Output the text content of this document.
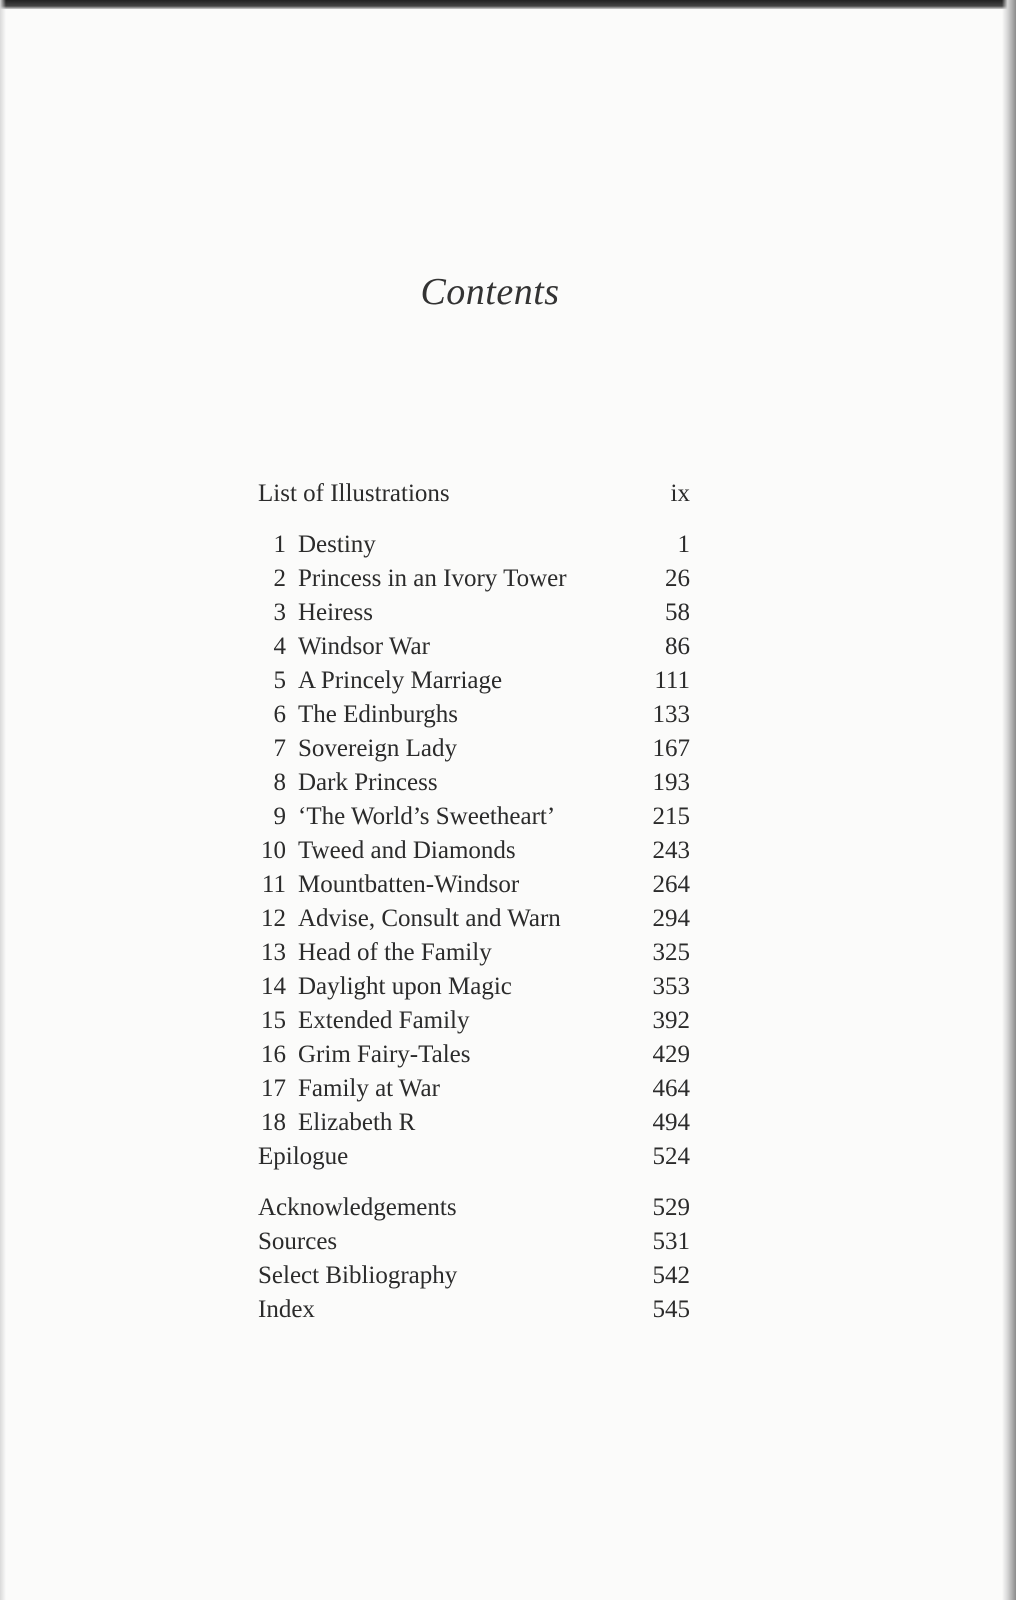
Contents
List of Illustrations	ix
1 Destiny	1
2 Princess in an Ivory Tower	26
3 Heiress	58
4 Windsor War	86
5 A Princely Marriage	111
6 The Edinburghs	133
7 Sovereign Lady	167
8 Dark Princess	193
9 ‘The World’s Sweetheart’	215
10 Tweed and Diamonds	243
11 Mountbatten-Windsor	264
12 Advise, Consult and Warn	294
13 Head of the Family	325
14 Daylight upon Magic	353
15 Extended Family	392
16 Grim Fairy-Tales	429
17 Family at War	464
18 Elizabeth R	494
Epilogue	524
Acknowledgements	529
Sources	531
Select Bibliography	542
Index	545
